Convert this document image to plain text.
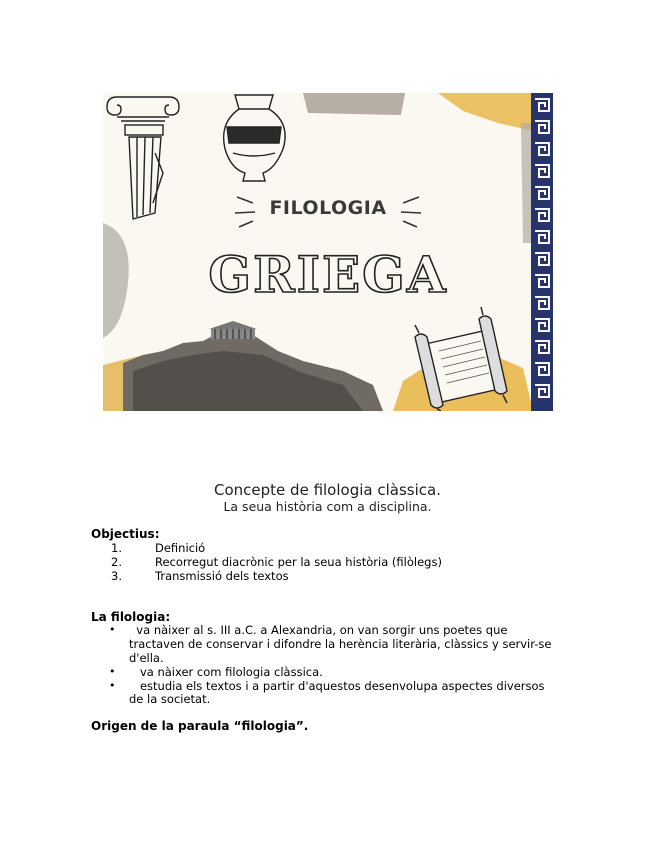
FILOLOGIA
GRIEGA
Concepte de filologia clàssica.
La seua història com a disciplina.
Objectius:
1.	Definició
2.	Recorregut diacrònic per la seua història (filòlegs)
3.	Transmissió dels textos
La filologia:
• va nàixer al s. III a.C. a Alexandria, on van sorgir uns poetes que
tractaven de conservar i difondre la herència literària, clàssics y servir-se
d'ella.
• va nàixer com filologia clàssica.
• estudia els textos i a partir d'aquestos desenvolupa aspectes diversos
de la societat.
Origen de la paraula “filologia”.
